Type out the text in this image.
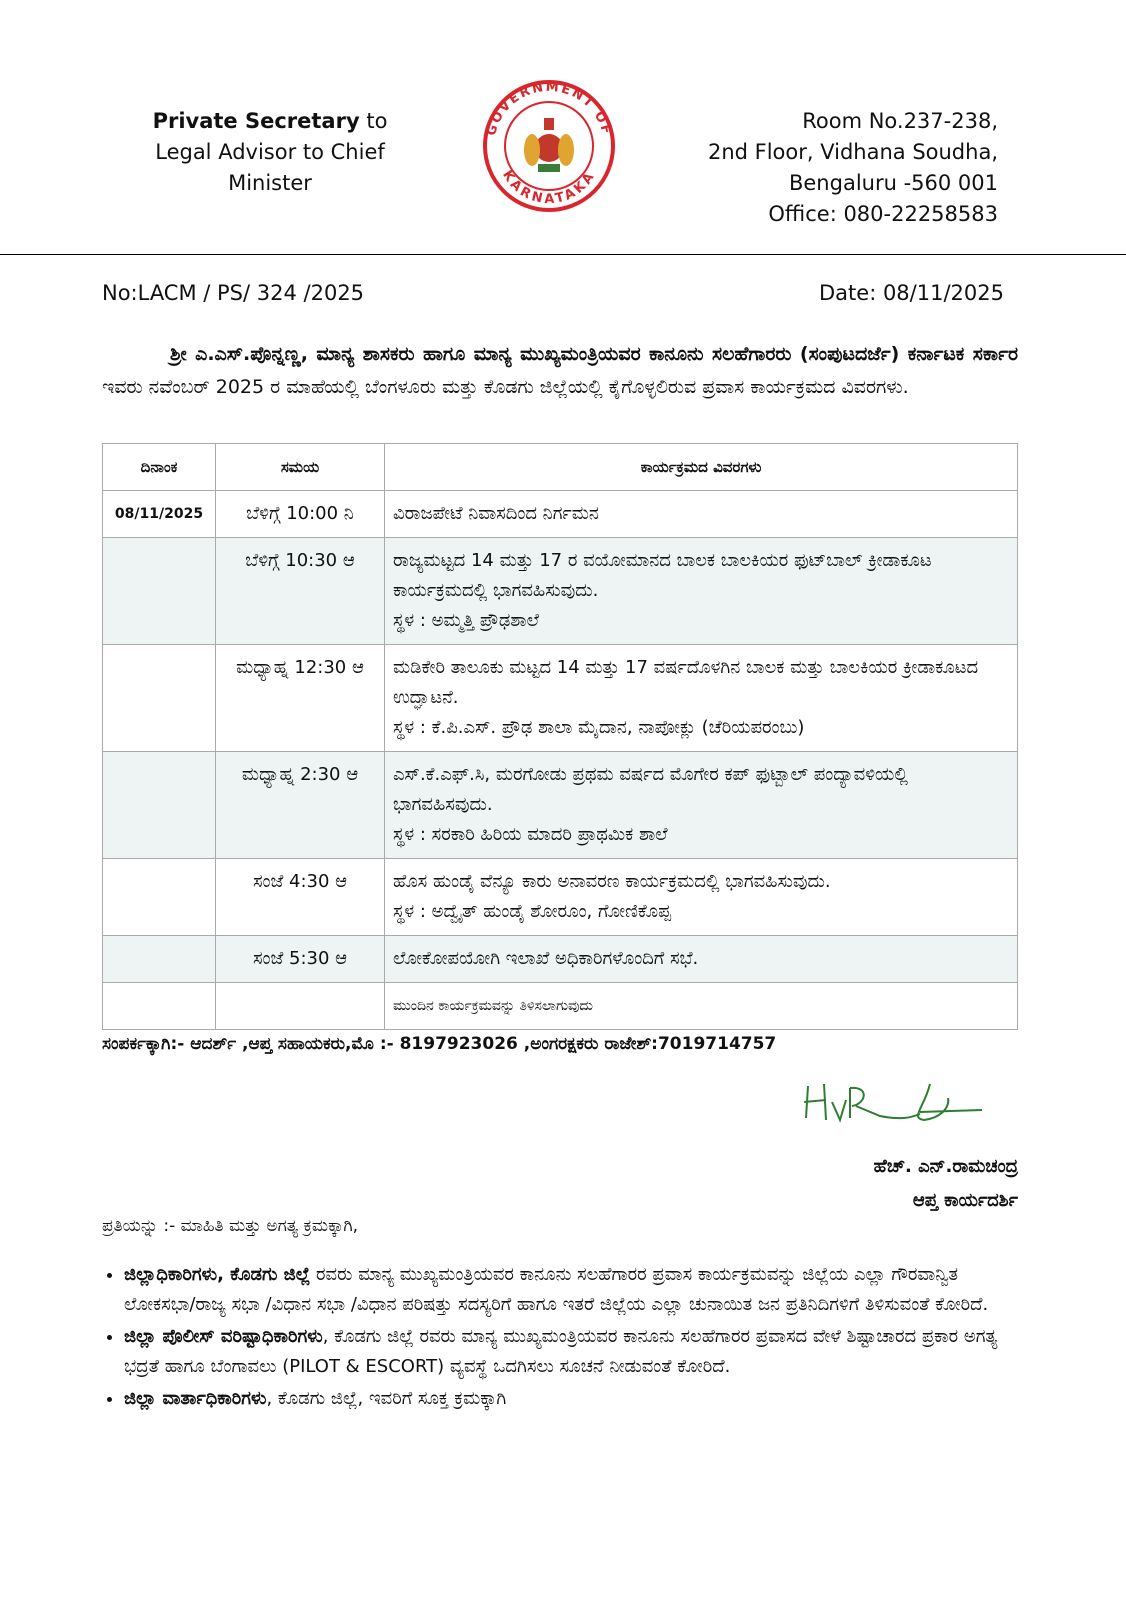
Private Secretary to
Legal Advisor to Chief Minister
GOVERNMENT OF
KARNATAKA
Room No.237-238,
2nd Floor, Vidhana Soudha,
Bengaluru -560 001
Office: 080-22258583
No:LACM / PS/ 324 /2025	Date: 08/11/2025
ಶ್ರೀ ಎ.ಎಸ್.ಪೊನ್ನಣ್ಣ, ಮಾನ್ಯ ಶಾಸಕರು ಹಾಗೂ ಮಾನ್ಯ ಮುಖ್ಯಮಂತ್ರಿಯವರ ಕಾನೂನು ಸಲಹೆಗಾರರು (ಸಂಪುಟದರ್ಜೆ) ಕರ್ನಾಟಕ ಸರ್ಕಾರ ಇವರು ನವೆಂಬರ್ 2025 ರ ಮಾಹೆಯಲ್ಲಿ ಬೆಂಗಳೂರು ಮತ್ತು ಕೊಡಗು ಜಿಲ್ಲೆಯಲ್ಲಿ ಕೈಗೊಳ್ಳಲಿರುವ ಪ್ರವಾಸ ಕಾರ್ಯಕ್ರಮದ ವಿವರಗಳು.
ದಿನಾಂಕ	ಸಮಯ	ಕಾರ್ಯಕ್ರಮದ ವಿವರಗಳು
08/11/2025	ಬೆಳಿಗ್ಗೆ 10:00 ನಿ	ವಿರಾಜಪೇಟೆ ನಿವಾಸದಿಂದ ನಿರ್ಗಮನ

	ಬೆಳಿಗ್ಗೆ 10:30 ಆ	ರಾಜ್ಯಮಟ್ಟದ 14 ಮತ್ತು 17 ರ ವಯೋಮಾನದ ಬಾಲಕ ಬಾಲಕಿಯರ ಫುಟ್‌ಬಾಲ್ ಕ್ರೀಡಾಕೂಟ ಕಾರ್ಯಕ್ರಮದಲ್ಲಿ ಭಾಗವಹಿಸುವುದು.
ಸ್ಥಳ : ಅಮ್ಮತ್ತಿ ಪ್ರೌಢಶಾಲೆ

	ಮಧ್ಯಾಹ್ನ 12:30 ಆ	ಮಡಿಕೇರಿ ತಾಲೂಕು ಮಟ್ಟದ 14 ಮತ್ತು 17 ವರ್ಷದೊಳಗಿನ ಬಾಲಕ ಮತ್ತು ಬಾಲಕಿಯರ ಕ್ರೀಡಾಕೂಟದ ಉದ್ಘಾಟನೆ.
ಸ್ಥಳ : ಕೆ.ಪಿ.ಎಸ್. ಪ್ರೌಢ ಶಾಲಾ ಮೈದಾನ, ನಾಪೋಕ್ಲು (ಚೆರಿಯಪರಂಬು)

	ಮಧ್ಯಾಹ್ನ 2:30 ಆ	ಎಸ್.ಕೆ.ಎಫ್.ಸಿ, ಮರಗೋಡು ಪ್ರಥಮ ವರ್ಷದ ಮೊಗೇರ ಕಪ್ ಫುಟ್ಬಾಲ್ ಪಂದ್ಯಾವಳಿಯಲ್ಲಿ ಭಾಗವಹಿಸವುದು.
ಸ್ಥಳ : ಸರಕಾರಿ ಹಿರಿಯ ಮಾದರಿ ಪ್ರಾಥಮಿಕ ಶಾಲೆ

	ಸಂಜೆ 4:30 ಆ	ಹೊಸ ಹುಂಡೈ ವೆನ್ಯೂ ಕಾರು ಅನಾವರಣ ಕಾರ್ಯಕ್ರಮದಲ್ಲಿ ಭಾಗವಹಿಸುವುದು.
ಸ್ಥಳ : ಅದ್ವೈತ್ ಹುಂಡೈ ಶೋರೂಂ, ಗೋಣಿಕೊಪ್ಪ

	ಸಂಜೆ 5:30 ಆ	ಲೋಕೋಪಯೋಗಿ ಇಲಾಖೆ ಅಧಿಕಾರಿಗಳೊಂದಿಗೆ ಸಭೆ.

		ಮುಂದಿನ ಕಾರ್ಯಕ್ರಮವನ್ನು ತಿಳಿಸಲಾಗುವುದು
ಸಂಪರ್ಕಕ್ಕಾಗಿ:- ಆದರ್ಶ್ ,ಆಪ್ತ ಸಹಾಯಕರು,ಮೊ :- 8197923026 ,ಅಂಗರಕ್ಷಕರು ರಾಜೇಶ್:7019714757
ಹೆಚ್. ಎನ್.ರಾಮಚಂದ್ರ
ಆಪ್ತ ಕಾರ್ಯದರ್ಶಿ
ಪ್ರತಿಯನ್ನು :- ಮಾಹಿತಿ ಮತ್ತು ಅಗತ್ಯ ಕ್ರಮಕ್ಕಾಗಿ,
• ಜಿಲ್ಲಾಧಿಕಾರಿಗಳು, ಕೊಡಗು ಜಿಲ್ಲೆ ರವರು ಮಾನ್ಯ ಮುಖ್ಯಮಂತ್ರಿಯವರ ಕಾನೂನು ಸಲಹೆಗಾರರ ಪ್ರವಾಸ ಕಾರ್ಯಕ್ರಮವನ್ನು ಜಿಲ್ಲೆಯ ಎಲ್ಲಾ ಗೌರವಾನ್ವಿತ ಲೋಕಸಭಾ/ರಾಜ್ಯ ಸಭಾ /ವಿಧಾನ ಸಭಾ /ವಿಧಾನ ಪರಿಷತ್ತು ಸದಸ್ಯರಿಗೆ ಹಾಗೂ ಇತರೆ ಜಿಲ್ಲೆಯ ಎಲ್ಲಾ ಚುನಾಯಿತ ಜನ ಪ್ರತಿನಿದಿಗಳಿಗೆ ತಿಳಿಸುವಂತೆ ಕೋರಿದೆ.
• ಜಿಲ್ಲಾ ಪೊಲೀಸ್ ವರಿಷ್ಟಾಧಿಕಾರಿಗಳು, ಕೊಡಗು ಜಿಲ್ಲೆ ರವರು ಮಾನ್ಯ ಮುಖ್ಯಮಂತ್ರಿಯವರ ಕಾನೂನು ಸಲಹೆಗಾರರ ಪ್ರವಾಸದ ವೇಳೆ ಶಿಷ್ಟಾಚಾರದ ಪ್ರಕಾರ ಅಗತ್ಯ ಭದ್ರತೆ ಹಾಗೂ ಬೆಂಗಾವಲು (PILOT & ESCORT) ವ್ಯವಸ್ಥೆ ಒದಗಿಸಲು ಸೂಚನೆ ನೀಡುವಂತೆ ಕೋರಿದೆ.
• ಜಿಲ್ಲಾ ವಾರ್ತಾಧಿಕಾರಿಗಳು, ಕೊಡಗು ಜಿಲ್ಲೆ, ಇವರಿಗೆ ಸೂಕ್ತ ಕ್ರಮಕ್ಕಾಗಿ
